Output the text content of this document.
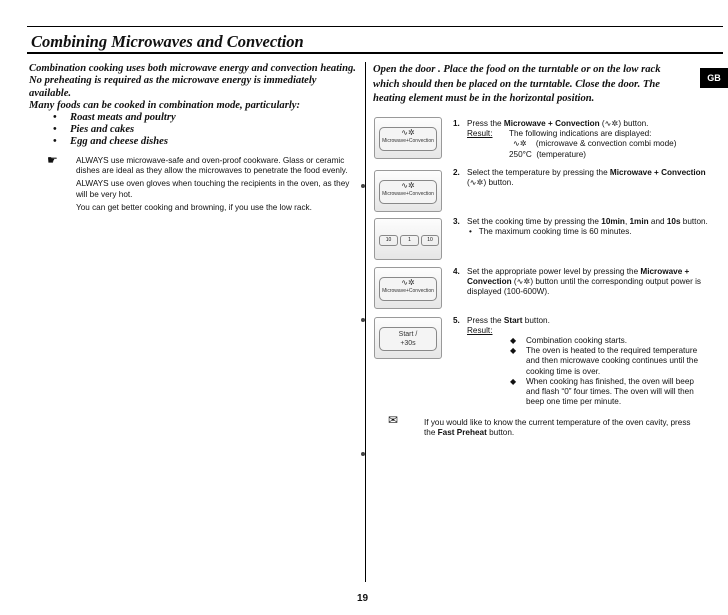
Combining Microwaves and Convection
GB
Combination cooking uses both microwave energy and convection heating. No preheating is required as the microwave energy is immediately available.
Many foods can be cooked in combination mode, particularly:
• Roast meats and poultry
• Pies and cakes
• Egg and cheese dishes
☛ ALWAYS use microwave-safe and oven-proof cookware. Glass or ceramic dishes are ideal as they allow the microwaves to penetrate the food evenly.
ALWAYS use oven gloves when touching the recipients in the oven, as they will be very hot.
You can get better cooking and browning, if you use the low rack.
Open the door . Place the food on the turntable or on the low rack which should then be placed on the turntable. Close the door. The heating element must be in the horizontal position.
∿✲
Microwave+Convection
∿✲
Microwave+Convection
10	1	10
∿✲
Microwave+Convection
Start /
+30s
1. Press the Microwave + Convection (∿✲) button.
Result: The following indications are displayed:
∿✲ (microwave & convection combi mode)
250°C (temperature)
2. Select the temperature by pressing the Microwave + Convection (∿✲) button.
3. Set the cooking time by pressing the 10min, 1min and 10s button.
•   The maximum cooking time is 60 minutes.
4. Set the appropriate power level by pressing the Microwave + Convection (∿✲) button until the corresponding output power is displayed (100-600W).
5. Press the Start button.
Result:
◆ Combination cooking starts.
◆ The oven is heated to the required temperature and then microwave cooking continues until the cooking time is over.
◆ When cooking has finished, the oven will beep and flash “0” four times. The oven will will then beep one time per minute.
✉	If you would like to know the current temperature of the oven cavity, press the Fast Preheat button.
19
